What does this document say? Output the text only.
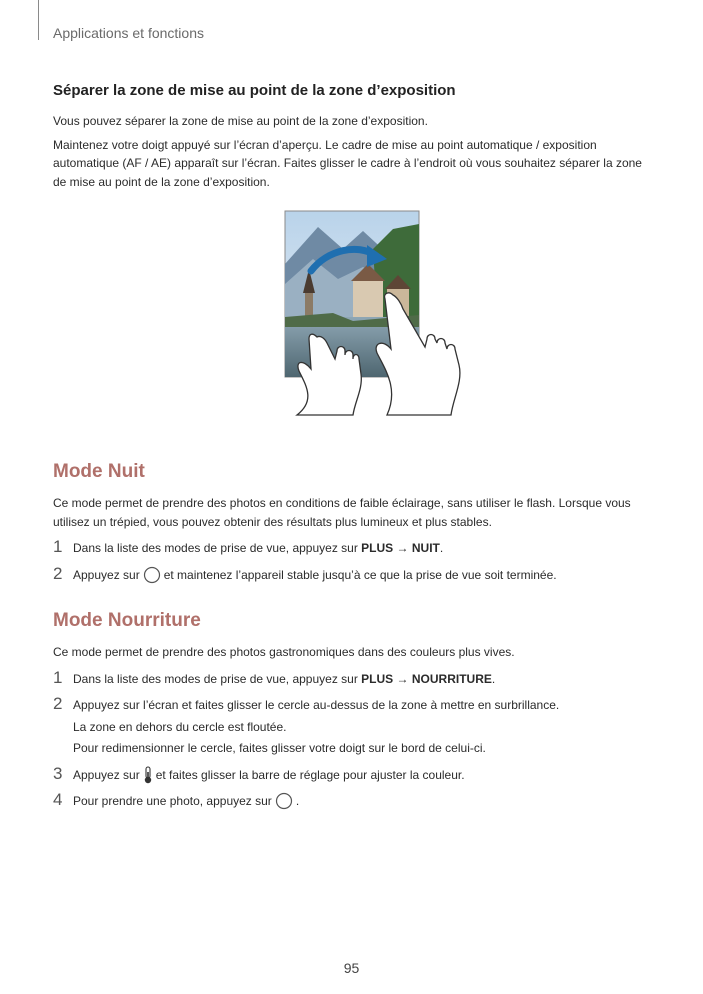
Applications et fonctions
Séparer la zone de mise au point de la zone d’exposition

Vous pouvez séparer la zone de mise au point de la zone d’exposition.

Maintenez votre doigt appuyé sur l’écran d’aperçu. Le cadre de mise au point automatique / exposition automatique (AF / AE) apparaît sur l’écran. Faites glisser le cadre à l’endroit où vous souhaitez séparer la zone de mise au point de la zone d’exposition.

Mode Nuit

Ce mode permet de prendre des photos en conditions de faible éclairage, sans utiliser le flash. Lorsque vous utilisez un trépied, vous pouvez obtenir des résultats plus lumineux et plus stables.

1 Dans la liste des modes de prise de vue, appuyez sur PLUS → NUIT.
2 Appuyez sur et maintenez l’appareil stable jusqu’à ce que la prise de vue soit terminée.
Mode Nourriture

Ce mode permet de prendre des photos gastronomiques dans des couleurs plus vives.

1 Dans la liste des modes de prise de vue, appuyez sur PLUS → NOURRITURE.
2 Appuyez sur l’écran et faites glisser le cercle au-dessus de la zone à mettre en surbrillance.
La zone en dehors du cercle est floutée.
Pour redimensionner le cercle, faites glisser votre doigt sur le bord de celui-ci.
3 Appuyez sur et faites glisser la barre de réglage pour ajuster la couleur.
4 Pour prendre une photo, appuyez sur .
95
